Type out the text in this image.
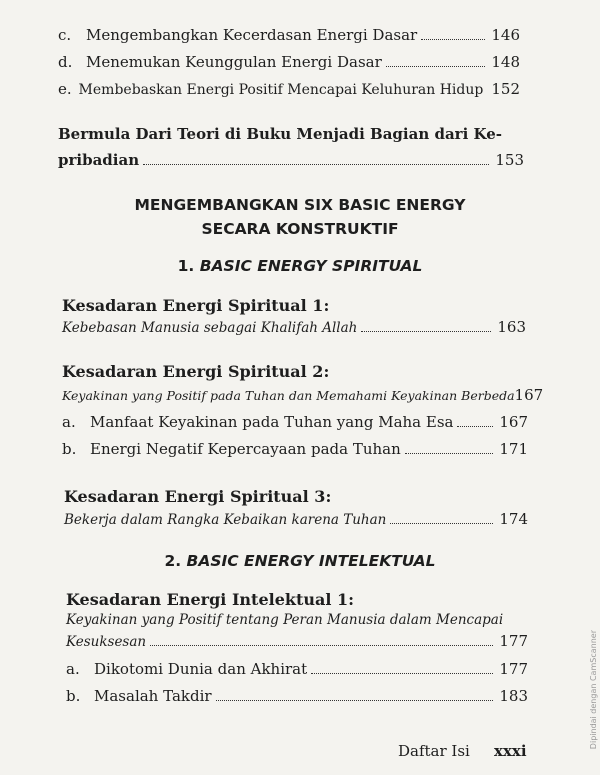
c. Mengembangkan Kecerdasan Energi Dasar	146
d. Menemukan Keunggulan Energi Dasar	148
e. Membebaskan Energi Positif Mencapai Keluhuran Hidup 152
Bermula Dari Teori di Buku Menjadi Bagian dari Ke-
pribadian	153
MENGEMBANGKAN SIX BASIC ENERGY
SECARA KONSTRUKTIF
1. BASIC ENERGY SPIRITUAL
Kesadaran Energi Spiritual 1:
Kebebasan Manusia sebagai Khalifah Allah	163
Kesadaran Energi Spiritual 2:
Keyakinan yang Positif pada Tuhan dan Memahami Keyakinan Berbeda 167
a. Manfaat Keyakinan pada Tuhan yang Maha Esa	167
b. Energi Negatif Kepercayaan pada Tuhan	171
Kesadaran Energi Spiritual 3:
Bekerja dalam Rangka Kebaikan karena Tuhan	174
2. BASIC ENERGY INTELEKTUAL
Kesadaran Energi Intelektual 1:
Keyakinan yang Positif tentang Peran Manusia dalam Mencapai
Kesuksesan	177
a. Dikotomi Dunia dan Akhirat	177
b. Masalah Takdir	183
Daftar Isi xxxi
Dipindai dengan CamScanner
